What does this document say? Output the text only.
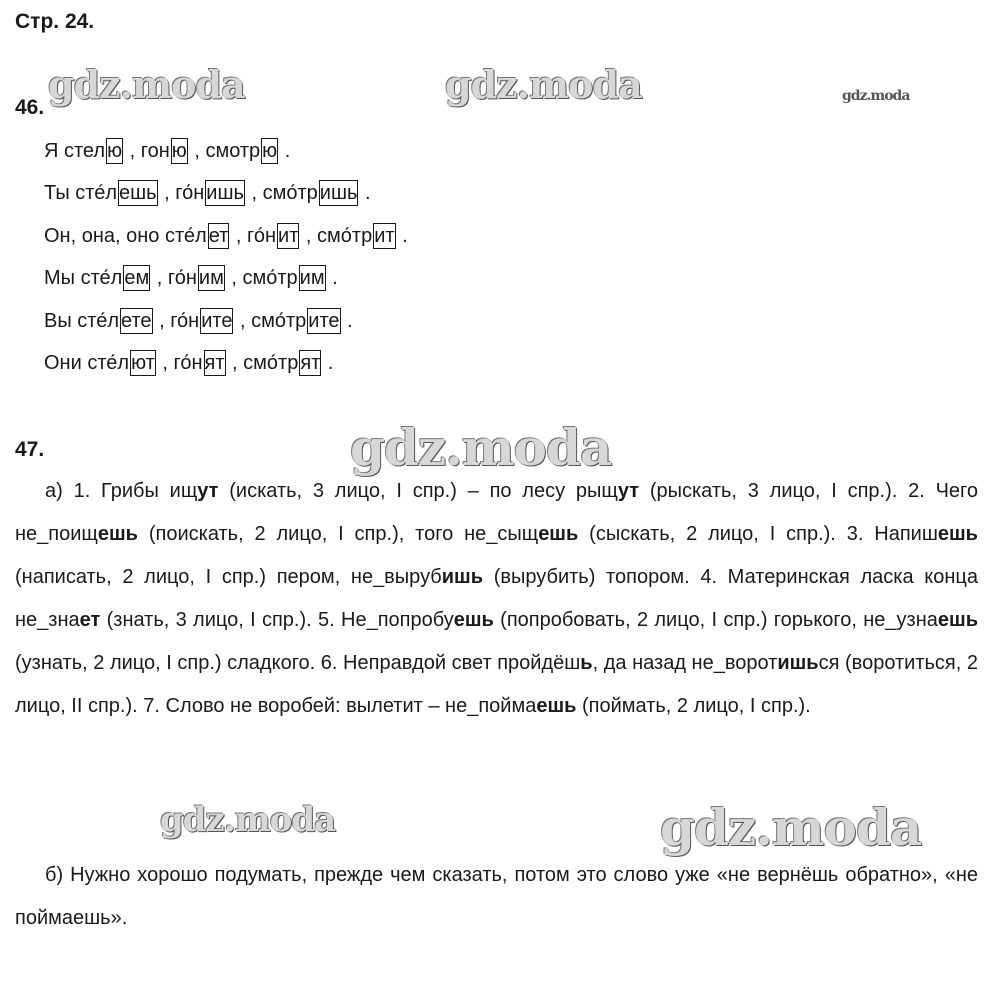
Стр. 24.
gdz.moda	gdz.moda	gdz.moda
46.
Я стел ю , гон ю , смотр ю .
Ты сте́л ешь , го́н ишь , смо́тр ишь .
Он, она, оно сте́л ет , го́н ит , смо́тр ит .
Мы сте́л ем , го́н им , смо́тр им .
Вы сте́л ете , го́н ите , смо́тр ите .
Они сте́л ют , го́н ят , смо́тр ят .
gdz.moda
47.
а) 1. Грибы ищут (искать, 3 лицо, I спр.) – по лесу рыщут (рыскать, 3 лицо, I спр.). 2. Чего не_поищешь (поискать, 2 лицо, I спр.), того не_сыщешь (сыскать, 2 лицо, I спр.). 3. Напишешь (написать, 2 лицо, I спр.) пером, не_вырубишь (вырубить) топором. 4. Материнская ласка конца не_знает (знать, 3 лицо, I спр.). 5. Не_попробуешь (попробовать, 2 лицо, I спр.) горького, не_узнаешь (узнать, 2 лицо, I спр.) сладкого. 6. Неправдой свет пройдёшь, да назад не_воротишься (воротиться, 2 лицо, II спр.). 7. Слово не воробей: вылетит – не_поймаешь (поймать, 2 лицо, I спр.).
gdz.moda	gdz.moda
б) Нужно хорошо подумать, прежде чем сказать, потом это слово уже «не вернёшь обратно», «не поймаешь».
